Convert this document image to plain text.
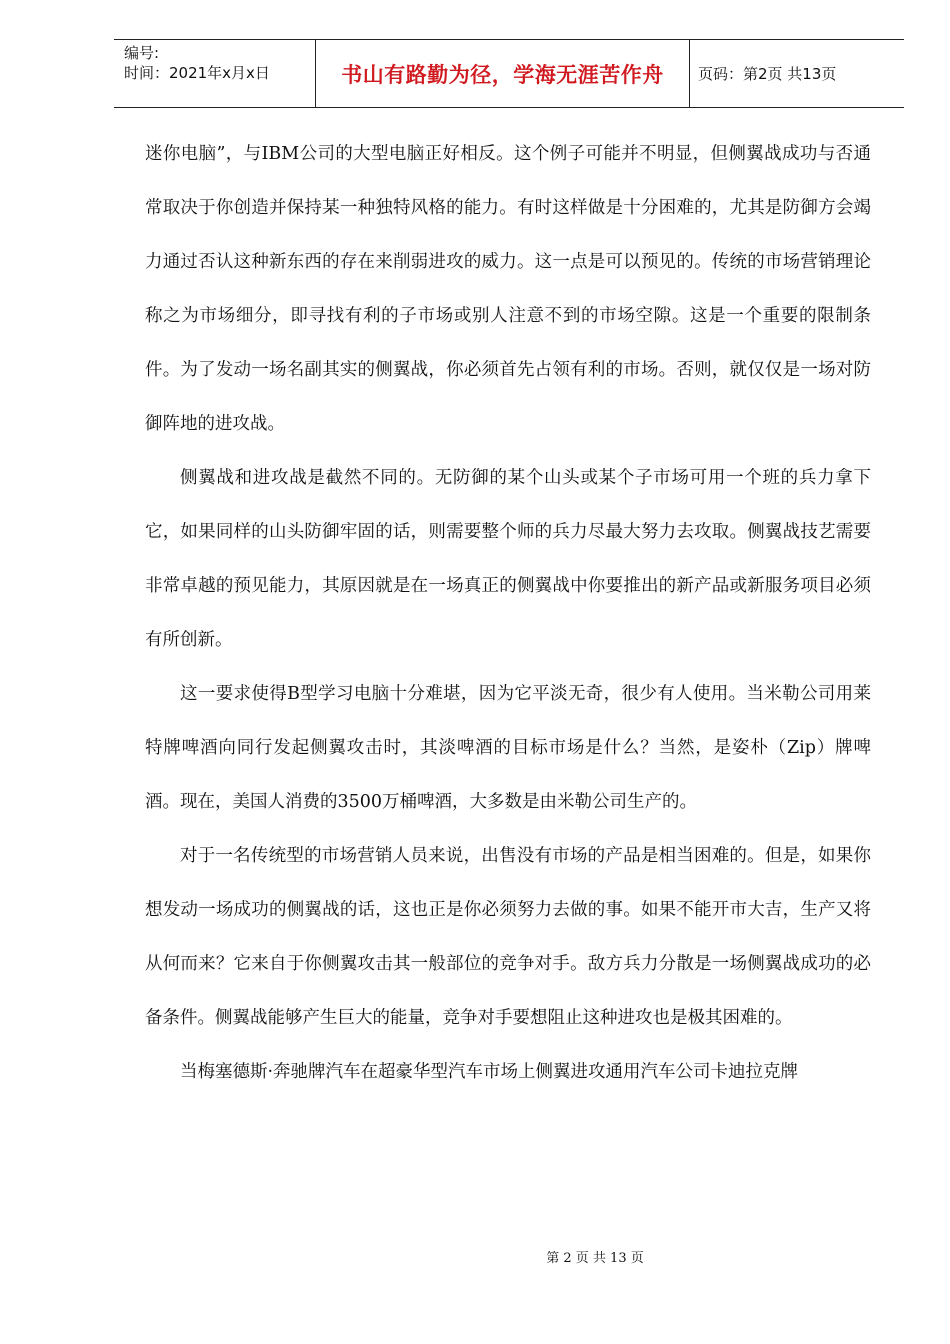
编号:
时间：2021年x月x日	书山有路勤为径，学海无涯苦作舟	页码：第2页 共13页

迷你电脑”，与IBM公司的大型电脑正好相反。这个例子可能并不明显，但侧翼战成功与否通常取决于你创造并保持某一种独特风格的能力。有时这样做是十分困难的，尤其是防御方会竭力通过否认这种新东西的存在来削弱进攻的威力。这一点是可以预见的。传统的市场营销理论称之为市场细分，即寻找有利的子市场或别人注意不到的市场空隙。这是一个重要的限制条件。为了发动一场名副其实的侧翼战，你必须首先占领有利的市场。否则，就仅仅是一场对防御阵地的进攻战。

侧翼战和进攻战是截然不同的。无防御的某个山头或某个子市场可用一个班的兵力拿下它，如果同样的山头防御牢固的话，则需要整个师的兵力尽最大努力去攻取。侧翼战技艺需要非常卓越的预见能力，其原因就是在一场真正的侧翼战中你要推出的新产品或新服务项目必须有所创新。

这一要求使得B型学习电脑十分难堪，因为它平淡无奇，很少有人使用。当米勒公司用莱特牌啤酒向同行发起侧翼攻击时，其淡啤酒的目标市场是什么？当然，是姿朴（Zip）牌啤酒。现在，美国人消费的3500万桶啤酒，大多数是由米勒公司生产的。

对于一名传统型的市场营销人员来说，出售没有市场的产品是相当困难的。但是，如果你想发动一场成功的侧翼战的话，这也正是你必须努力去做的事。如果不能开市大吉，生产又将从何而来？它来自于你侧翼攻击其一般部位的竞争对手。敌方兵力分散是一场侧翼战成功的必备条件。侧翼战能够产生巨大的能量，竞争对手要想阻止这种进攻也是极其困难的。

当梅塞德斯·奔驰牌汽车在超豪华型汽车市场上侧翼进攻通用汽车公司卡迪拉克牌

第 2 页 共 13 页
